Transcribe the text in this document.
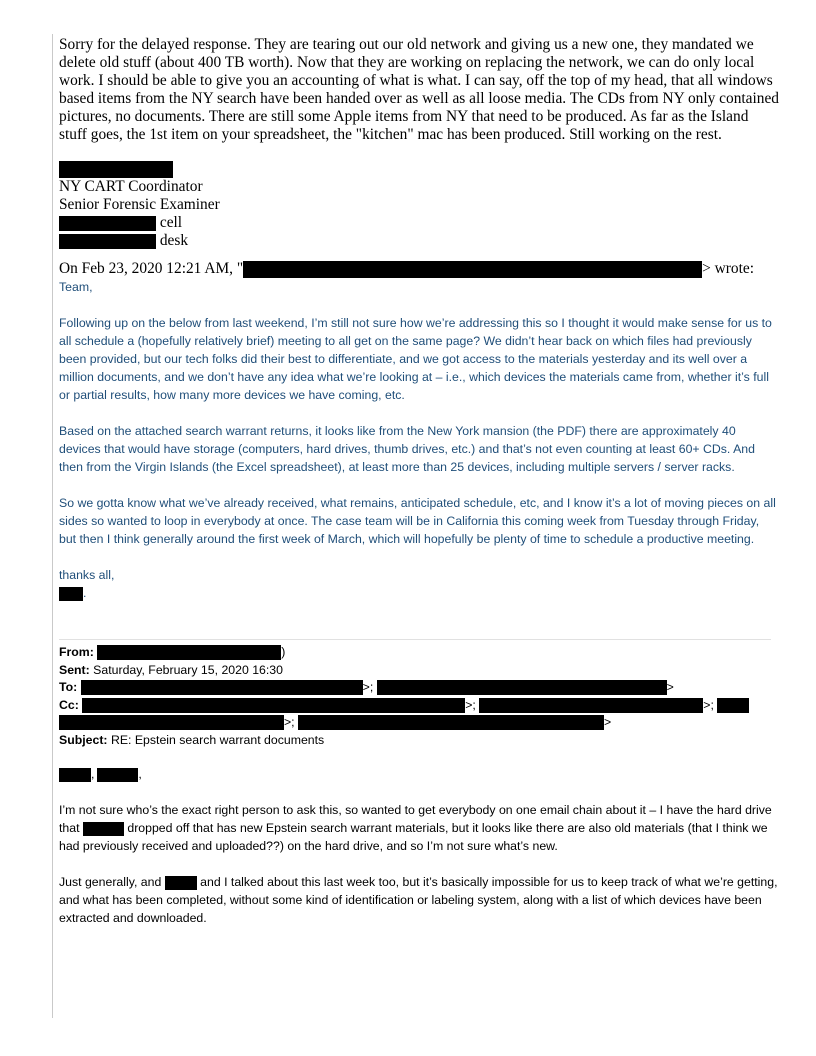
Sorry for the delayed response. They are tearing out our old network and giving us a new one, they mandated we delete old stuff (about 400 TB worth). Now that they are working on replacing the network, we can do only local work. I should be able to give you an accounting of what is what. I can say, off the top of my head, that all windows based items from the NY search have been handed over as well as all loose media. The CDs from NY only contained pictures, no documents. There are still some Apple items from NY that need to be produced. As far as the Island stuff goes, the 1st item on your spreadsheet, the "kitchen" mac has been produced. Still working on the rest.

NY CART Coordinator
Senior Forensic Examiner
cell
desk
On Feb 23, 2020 12:21 AM, "	> wrote:

Team,

Following up on the below from last weekend, I’m still not sure how we’re addressing this so I thought it would make sense for us to all schedule a (hopefully relatively brief) meeting to all get on the same page? We didn’t hear back on which files had previously been provided, but our tech folks did their best to differentiate, and we got access to the materials yesterday and its well over a million documents, and we don’t have any idea what we’re looking at – i.e., which devices the materials came from, whether it’s full or partial results, how many more devices we have coming, etc.

Based on the attached search warrant returns, it looks like from the New York mansion (the PDF) there are approximately 40 devices that would have storage (computers, hard drives, thumb drives, etc.) and that’s not even counting at least 60+ CDs. And then from the Virgin Islands (the Excel spreadsheet), at least more than 25 devices, including multiple servers / server racks.

So we gotta know what we’ve already received, what remains, anticipated schedule, etc, and I know it’s a lot of moving pieces on all sides so wanted to loop in everybody at once. The case team will be in California this coming week from Tuesday through Friday, but then I think generally around the first week of March, which will hopefully be plenty of time to schedule a productive meeting.

thanks all,

.

From:	)
Sent: Saturday, February 15, 2020 16:30
To:	>;	>
Cc:	>;	>;
>;	>
Subject: RE: Epstein search warrant documents

,	,

I’m not sure who’s the exact right person to ask this, so wanted to get everybody on one email chain about it – I have the hard drive that	dropped off that has new Epstein search warrant materials, but it looks like there are also old materials (that I think we had previously received and uploaded??) on the hard drive, and so I’m not sure what’s new.

Just generally, and	and I talked about this last week too, but it’s basically impossible for us to keep track of what we’re getting, and what has been completed, without some kind of identification or labeling system, along with a list of which devices have been extracted and downloaded.
